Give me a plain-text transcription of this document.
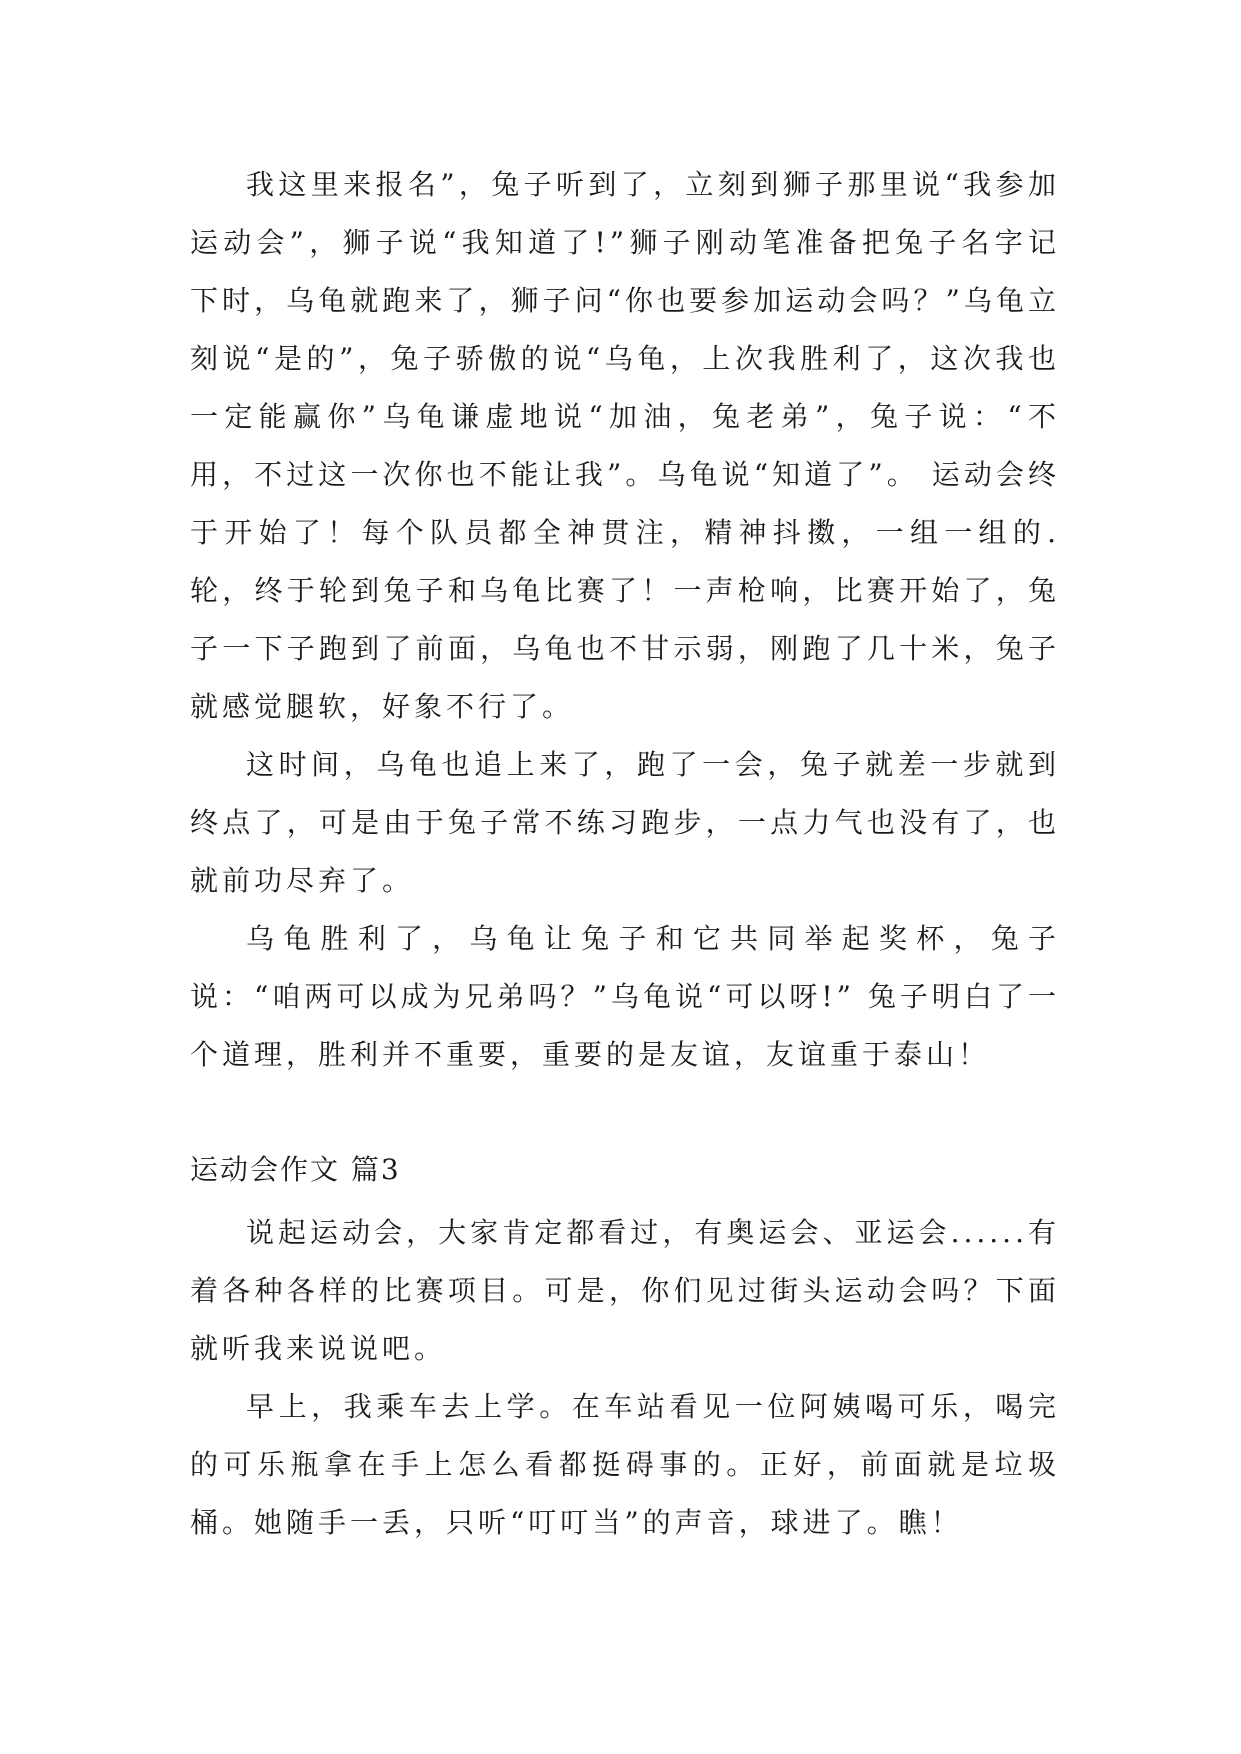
我这里来报名”，兔子听到了，立刻到狮子那里说“我参加运动会”，狮子说“我知道了!”狮子刚动笔准备把兔子名字记下时，乌龟就跑来了，狮子问“你也要参加运动会吗？”乌龟立刻说“是的”，兔子骄傲的说“乌龟，上次我胜利了，这次我也一定能赢你”乌龟谦虚地说“加油，兔老弟”，兔子说：“不用，不过这一次你也不能让我”。乌龟说“知道了”。 运动会终于开始了！每个队员都全神贯注，精神抖擞，一组一组的.轮，终于轮到兔子和乌龟比赛了！一声枪响，比赛开始了，兔子一下子跑到了前面，乌龟也不甘示弱，刚跑了几十米，兔子就感觉腿软，好象不行了。

这时间，乌龟也追上来了，跑了一会，兔子就差一步就到终点了，可是由于兔子常不练习跑步，一点力气也没有了，也就前功尽弃了。

乌龟胜利了，乌龟让兔子和它共同举起奖杯，兔子说：“咱两可以成为兄弟吗？”乌龟说“可以呀!” 兔子明白了一个道理，胜利并不重要，重要的是友谊，友谊重于泰山！

运动会作文 篇3

说起运动会，大家肯定都看过，有奥运会、亚运会......有着各种各样的比赛项目。可是，你们见过街头运动会吗？下面就听我来说说吧。

早上，我乘车去上学。在车站看见一位阿姨喝可乐，喝完的可乐瓶拿在手上怎么看都挺碍事的。正好，前面就是垃圾桶。她随手一丢，只听“叮叮当”的声音，球进了。瞧！
